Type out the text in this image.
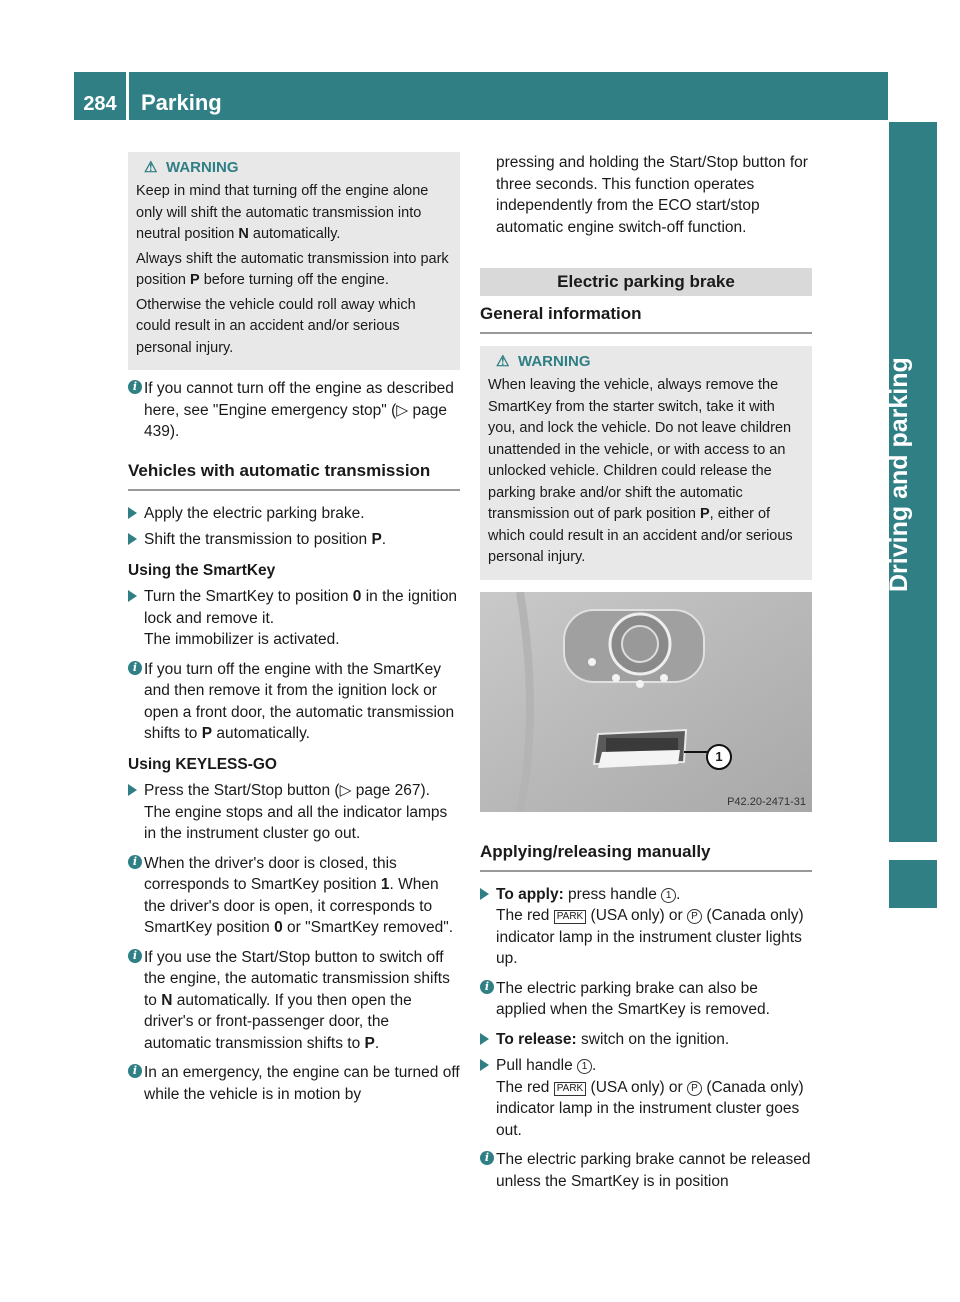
284	Parking
Driving and parking
⚠ WARNING

Keep in mind that turning off the engine alone only will shift the automatic transmission into neutral position N automatically.

Always shift the automatic transmission into park position P before turning off the engine.

Otherwise the vehicle could roll away which could result in an accident and/or serious personal injury.

i If you cannot turn off the engine as described here, see "Engine emergency stop" (▷ page 439).

Vehicles with automatic transmission

Apply the electric parking brake.

Shift the transmission to position P.

Using the SmartKey

Turn the SmartKey to position 0 in the ignition lock and remove it.
The immobilizer is activated.

i If you turn off the engine with the SmartKey and then remove it from the ignition lock or open a front door, the automatic transmission shifts to P automatically.

Using KEYLESS-GO

Press the Start/Stop button (▷ page 267).
The engine stops and all the indicator lamps in the instrument cluster go out.

i When the driver's door is closed, this corresponds to SmartKey position 1. When the driver's door is open, it corresponds to SmartKey position 0 or "SmartKey removed".

i If you use the Start/Stop button to switch off the engine, the automatic transmission shifts to N automatically. If you then open the driver's or front-passenger door, the automatic transmission shifts to P.

i In an emergency, the engine can be turned off while the vehicle is in motion by

pressing and holding the Start/Stop button for three seconds. This function operates independently from the ECO start/stop automatic engine switch-off function.

Electric parking brake
General information
⚠ WARNING

When leaving the vehicle, always remove the SmartKey from the starter switch, take it with you, and lock the vehicle. Do not leave children unattended in the vehicle, or with access to an unlocked vehicle. Children could release the parking brake and/or shift the automatic transmission out of park position P, either of which could result in an accident and/or serious personal injury.

1
P42.20-2471-31
Applying/releasing manually

To apply: press handle 1 .
The red PARK (USA only) or P (Canada only) indicator lamp in the instrument cluster lights up.

i The electric parking brake can also be applied when the SmartKey is removed.

To release: switch on the ignition.

Pull handle 1 .
The red PARK (USA only) or P (Canada only) indicator lamp in the instrument cluster goes out.

i The electric parking brake cannot be released unless the SmartKey is in position
